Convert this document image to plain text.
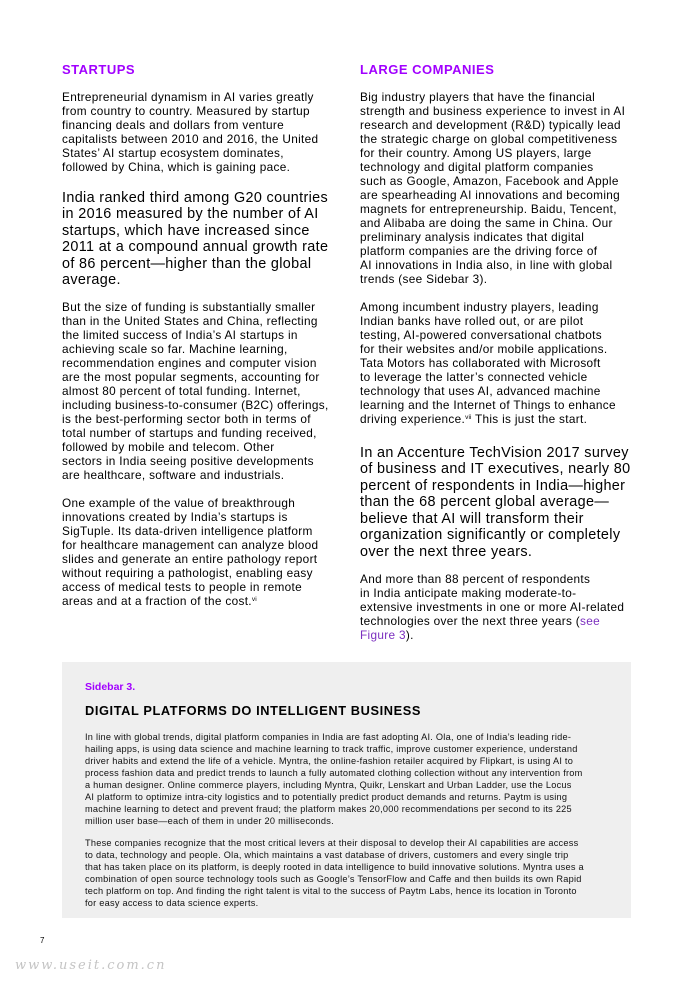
STARTUPS

Entrepreneurial dynamism in AI varies greatly
from country to country. Measured by startup
financing deals and dollars from venture
capitalists between 2010 and 2016, the United
States’ AI startup ecosystem dominates,
followed by China, which is gaining pace.

India ranked third among G20 countries
in 2016 measured by the number of AI
startups, which have increased since
2011 at a compound annual growth rate
of 86 percent—higher than the global
average.

But the size of funding is substantially smaller
than in the United States and China, reflecting
the limited success of India’s AI startups in
achieving scale so far. Machine learning,
recommendation engines and computer vision
are the most popular segments, accounting for
almost 80 percent of total funding. Internet,
including business-to-consumer (B2C) offerings,
is the best-performing sector both in terms of
total number of startups and funding received,
followed by mobile and telecom. Other
sectors in India seeing positive developments
are healthcare, software and industrials.

One example of the value of breakthrough
innovations created by India’s startups is
SigTuple. Its data-driven intelligence platform
for healthcare management can analyze blood
slides and generate an entire pathology report
without requiring a pathologist, enabling easy
access of medical tests to people in remote
areas and at a fraction of the cost.$^{vi}$

LARGE COMPANIES

Big industry players that have the financial
strength and business experience to invest in AI
research and development (R&D) typically lead
the strategic charge on global competitiveness
for their country. Among US players, large
technology and digital platform companies
such as Google, Amazon, Facebook and Apple
are spearheading AI innovations and becoming
magnets for entrepreneurship. Baidu, Tencent,
and Alibaba are doing the same in China. Our
preliminary analysis indicates that digital
platform companies are the driving force of
AI innovations in India also, in line with global
trends (see Sidebar 3).

Among incumbent industry players, leading
Indian banks have rolled out, or are pilot
testing, AI-powered conversational chatbots
for their websites and/or mobile applications.
Tata Motors has collaborated with Microsoft
to leverage the latter’s connected vehicle
technology that uses AI, advanced machine
learning and the Internet of Things to enhance
driving experience.$^{vii}$ This is just the start.

In an Accenture TechVision 2017 survey
of business and IT executives, nearly 80
percent of respondents in India—higher
than the 68 percent global average—
believe that AI will transform their
organization significantly or completely
over the next three years.

And more than 88 percent of respondents
in India anticipate making moderate-to-
extensive investments in one or more AI-related
technologies over the next three years (see
Figure 3).

Sidebar 3.
DIGITAL PLATFORMS DO INTELLIGENT BUSINESS

In line with global trends, digital platform companies in India are fast adopting AI. Ola, one of India’s leading ride-
hailing apps, is using data science and machine learning to track traffic, improve customer experience, understand
driver habits and extend the life of a vehicle. Myntra, the online-fashion retailer acquired by Flipkart, is using AI to
process fashion data and predict trends to launch a fully automated clothing collection without any intervention from
a human designer. Online commerce players, including Myntra, Quikr, Lenskart and Urban Ladder, use the Locus
AI platform to optimize intra-city logistics and to potentially predict product demands and returns. Paytm is using
machine learning to detect and prevent fraud; the platform makes 20,000 recommendations per second to its 225
million user base—each of them in under 20 milliseconds.

These companies recognize that the most critical levers at their disposal to develop their AI capabilities are access
to data, technology and people. Ola, which maintains a vast database of drivers, customers and every single trip
that has taken place on its platform, is deeply rooted in data intelligence to build innovative solutions. Myntra uses a
combination of open source technology tools such as Google’s TensorFlow and Caffe and then builds its own Rapid
tech platform on top. And finding the right talent is vital to the success of Paytm Labs, hence its location in Toronto
for easy access to data science experts.

7
www.useit.com.cn
